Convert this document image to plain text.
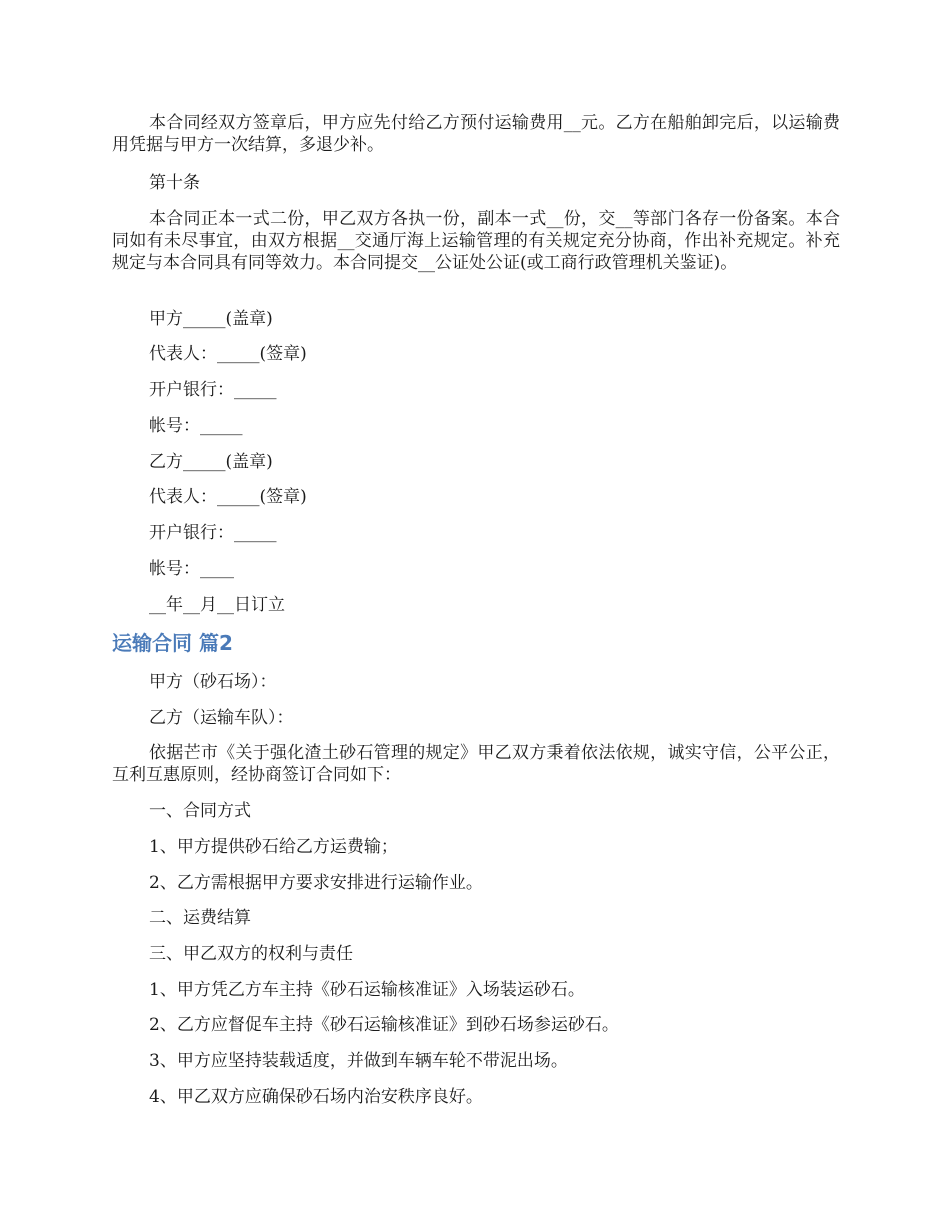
本合同经双方签章后，甲方应先付给乙方预付运输费用__元。乙方在船舶卸完后，以运输费用凭据与甲方一次结算，多退少补。

第十条

本合同正本一式二份，甲乙双方各执一份，副本一式__份，交__等部门各存一份备案。本合同如有未尽事宜，由双方根据__交通厅海上运输管理的有关规定充分协商，作出补充规定。补充规定与本合同具有同等效力。本合同提交__公证处公证(或工商行政管理机关鉴证)。

甲方_____(盖章)

代表人：_____(签章)

开户银行：_____

帐号：_____

乙方_____(盖章)

代表人：_____(签章)

开户银行：_____

帐号：____

__年__月__日订立

运输合同 篇2

甲方（砂石场）：

乙方（运输车队）：

依据芒市《关于强化渣土砂石管理的规定》甲乙双方秉着依法依规，诚实守信，公平公正，互利互惠原则，经协商签订合同如下：

一、合同方式

1、甲方提供砂石给乙方运费输；

2、乙方需根据甲方要求安排进行运输作业。

二、运费结算

三、甲乙双方的权利与责任

1、甲方凭乙方车主持《砂石运输核准证》入场装运砂石。

2、乙方应督促车主持《砂石运输核准证》到砂石场参运砂石。

3、甲方应坚持装载适度，并做到车辆车轮不带泥出场。

4、甲乙双方应确保砂石场内治安秩序良好。
